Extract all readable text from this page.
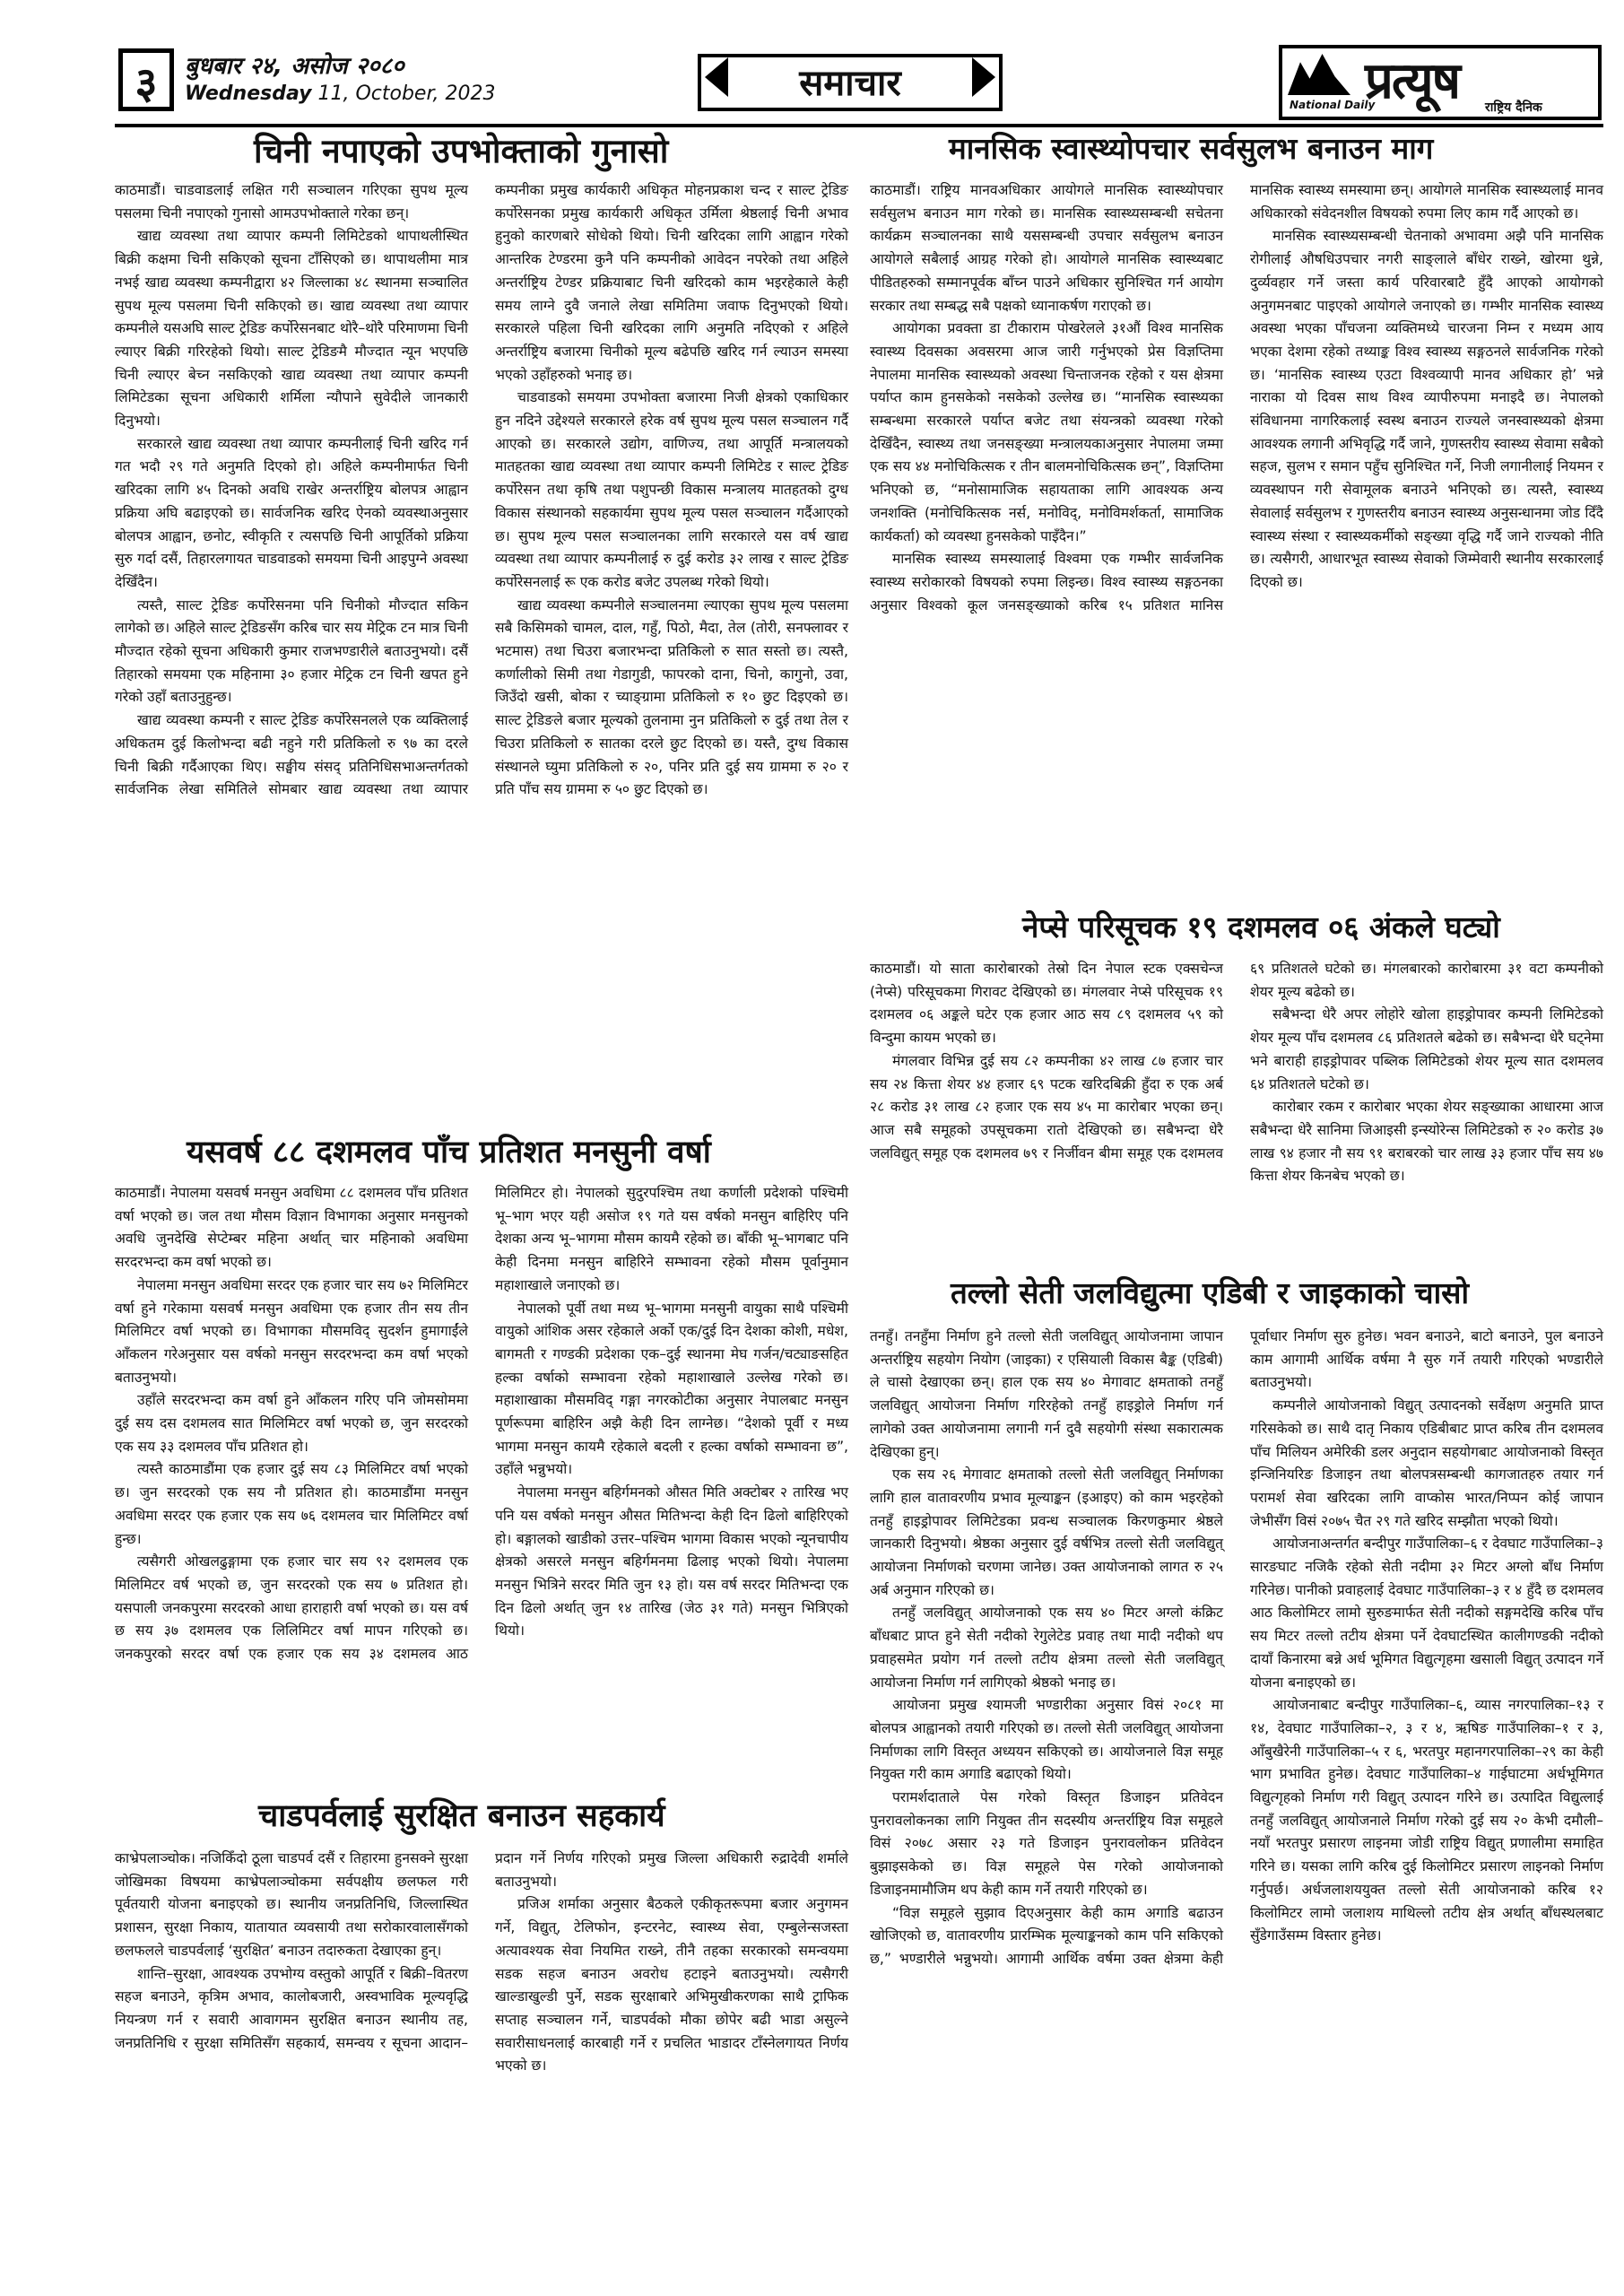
३	बुधबार २४, असोज २०८०
Wednesday 11, October, 2023	समाचार	प्रत्यूष
National Daily	राष्ट्रिय दैनिक
चिनी नपाएको उपभोक्ताको गुनासो

काठमाडौं। चाडवाडलाई लक्षित गरी सञ्चालन गरिएका सुपथ मूल्य पसलमा चिनी नपाएको गुनासो आमउपभोक्ताले गरेका छन्।

खाद्य व्यवस्था तथा व्यापार कम्पनी लिमिटेडको थापाथलीस्थित बिक्री कक्षमा चिनी सकिएको सूचना टाँसिएको छ। थापाथलीमा मात्र नभई खाद्य व्यवस्था कम्पनीद्वारा ४२ जिल्लाका ४८ स्थानमा सञ्चालित सुपथ मूल्य पसलमा चिनी सकिएको छ। खाद्य व्यवस्था तथा व्यापार कम्पनीले यसअघि साल्ट ट्रेडिङ कर्पोरेसनबाट थोरै–थोरै परिमाणमा चिनी ल्याएर बिक्री गरिरहेको थियो। साल्ट ट्रेडिङमै मौज्दात न्यून भएपछि चिनी ल्याएर बेच्न नसकिएको खाद्य व्यवस्था तथा व्यापार कम्पनी लिमिटेडका सूचना अधिकारी शर्मिला न्यौपाने सुवेदीले जानकारी दिनुभयो।

सरकारले खाद्य व्यवस्था तथा व्यापार कम्पनीलाई चिनी खरिद गर्न गत भदौ २९ गते अनुमति दिएको हो। अहिले कम्पनीमार्फत चिनी खरिदका लागि ४५ दिनको अवधि राखेर अन्तर्राष्ट्रिय बोलपत्र आह्वान प्रक्रिया अघि बढाइएको छ। सार्वजनिक खरिद ऐनको व्यवस्थाअनुसार बोलपत्र आह्वान, छनोट, स्वीकृति र त्यसपछि चिनी आपूर्तिको प्रक्रिया सुरु गर्दा दसैं, तिहारलगायत चाडवाडको समयमा चिनी आइपुग्ने अवस्था देखिँदैन।

त्यस्तै, साल्ट ट्रेडिङ कर्पोरेसनमा पनि चिनीको मौज्दात सकिन लागेको छ। अहिले साल्ट ट्रेडिङसँग करिब चार सय मेट्रिक टन मात्र चिनी मौज्दात रहेको सूचना अधिकारी कुमार राजभण्डारीले बताउनुभयो। दसैं तिहारको समयमा एक महिनामा ३० हजार मेट्रिक टन चिनी खपत हुने गरेको उहाँ बताउनुहुन्छ।

खाद्य व्यवस्था कम्पनी र साल्ट ट्रेडिङ कर्पोरेसनलले एक व्यक्तिलाई अधिकतम दुई किलोभन्दा बढी नहुने गरी प्रतिकिलो रु ९७ का दरले चिनी बिक्री गर्दैआएका थिए। सङ्घीय संसद् प्रतिनिधिसभाअन्तर्गतको सार्वजनिक लेखा समितिले सोमबार खाद्य व्यवस्था तथा व्यापार कम्पनीका प्रमुख कार्यकारी अधिकृत मोहनप्रकाश चन्द र साल्ट ट्रेडिङ कर्पोरेसनका प्रमुख कार्यकारी अधिकृत उर्मिला श्रेष्ठलाई चिनी अभाव हुनुको कारणबारे सोधेको थियो। चिनी खरिदका लागि आह्वान गरेको आन्तरिक टेण्डरमा कुनै पनि कम्पनीको आवेदन नपरेको तथा अहिले अन्तर्राष्ट्रिय टेण्डर प्रक्रियाबाट चिनी खरिदको काम भइरहेकाले केही समय लाग्ने दुवै जनाले लेखा समितिमा जवाफ दिनुभएको थियो। सरकारले पहिला चिनी खरिदका लागि अनुमति नदिएको र अहिले अन्तर्राष्ट्रिय बजारमा चिनीको मूल्य बढेपछि खरिद गर्न ल्याउन समस्या भएको उहाँहरुको भनाइ छ।

चाडवाडको समयमा उपभोक्ता बजारमा निजी क्षेत्रको एकाधिकार हुन नदिने उद्देश्यले सरकारले हरेक वर्ष सुपथ मूल्य पसल सञ्चालन गर्दै आएको छ। सरकारले उद्योग, वाणिज्य, तथा आपूर्ति मन्त्रालयको मातहतका खाद्य व्यवस्था तथा व्यापार कम्पनी लिमिटेड र साल्ट ट्रेडिङ कर्पोरेसन तथा कृषि तथा पशुपन्छी विकास मन्त्रालय मातहतको दुग्ध विकास संस्थानको सहकार्यमा सुपथ मूल्य पसल सञ्चालन गर्दैआएको छ। सुपथ मूल्य पसल सञ्चालनका लागि सरकारले यस वर्ष खाद्य व्यवस्था तथा व्यापार कम्पनीलाई रु दुई करोड ३२ लाख र साल्ट ट्रेडिङ कर्पोरेसनलाई रू एक करोड बजेट उपलब्ध गरेको थियो।

खाद्य व्यवस्था कम्पनीले सञ्चालनमा ल्याएका सुपथ मूल्य पसलमा सबै किसिमको चामल, दाल, गहुँ, पिठो, मैदा, तेल (तोरी, सनफ्लावर र भटमास) तथा चिउरा बजारभन्दा प्रतिकिलो रु सात सस्तो छ। त्यस्तै, कर्णालीको सिमी तथा गेडागुडी, फापरको दाना, चिनो, कागुनो, उवा, जिउँदो खसी, बोका र च्याङ्ग्रामा प्रतिकिलो रु १० छुट दिइएको छ। साल्ट ट्रेडिङले बजार मूल्यको तुलनामा नुन प्रतिकिलो रु दुई तथा तेल र चिउरा प्रतिकिलो रु सातका दरले छुट दिएको छ। यस्तै, दुग्ध विकास संस्थानले घ्युमा प्रतिकिलो रु २०, पनिर प्रति दुई सय ग्राममा रु २० र प्रति पाँच सय ग्राममा रु ५० छुट दिएको छ।

यसवर्ष ८८ दशमलव पाँच प्रतिशत मनसुनी वर्षा

काठमाडौं। नेपालमा यसवर्ष मनसुन अवधिमा ८८ दशमलव पाँच प्रतिशत वर्षा भएको छ। जल तथा मौसम विज्ञान विभागका अनुसार मनसुनको अवधि जुनदेखि सेप्टेम्बर महिना अर्थात् चार महिनाको अवधिमा सरदरभन्दा कम वर्षा भएको छ।

नेपालमा मनसुन अवधिमा सरदर एक हजार चार सय ७२ मिलिमिटर वर्षा हुने गरेकामा यसवर्ष मनसुन अवधिमा एक हजार तीन सय तीन मिलिमिटर वर्षा भएको छ। विभागका मौसमविद् सुदर्शन हुमागाईंले आँकलन गरेअनुसार यस वर्षको मनसुन सरदरभन्दा कम वर्षा भएको बताउनुभयो।

उहाँले सरदरभन्दा कम वर्षा हुने आँकलन गरिए पनि जोमसोममा दुई सय दस दशमलव सात मिलिमिटर वर्षा भएको छ, जुन सरदरको एक सय ३३ दशमलव पाँच प्रतिशत हो।

त्यस्तै काठमाडौंमा एक हजार दुई सय ८३ मिलिमिटर वर्षा भएको छ। जुन सरदरको एक सय नौ प्रतिशत हो। काठमाडौंमा मनसुन अवधिमा सरदर एक हजार एक सय ७६ दशमलव चार मिलिमिटर वर्षा हुन्छ।

त्यसैगरी ओखलढुङ्गामा एक हजार चार सय ९२ दशमलव एक मिलिमिटर वर्ष भएको छ, जुन सरदरको एक सय ७ प्रतिशत हो। यसपाली जनकपुरमा सरदरको आधा हाराहारी वर्षा भएको छ। यस वर्ष छ सय ३७ दशमलव एक लिलिमिटर वर्षा मापन गरिएको छ। जनकपुरको सरदर वर्षा एक हजार एक सय ३४ दशमलव आठ मिलिमिटर हो। नेपालको सुदुरपश्चिम तथा कर्णाली प्रदेशको पश्चिमी भू–भाग भएर यही असोज १९ गते यस वर्षको मनसुन बाहिरिए पनि देशका अन्य भू–भागमा मौसम कायमै रहेको छ। बाँकी भू–भागबाट पनि केही दिनमा मनसुन बाहिरिने सम्भावना रहेको मौसम पूर्वानुमान महाशाखाले जनाएको छ।

नेपालको पूर्वी तथा मध्य भू–भागमा मनसुनी वायुका साथै पश्चिमी वायुको आंशिक असर रहेकाले अर्को एक/दुई दिन देशका कोशी, मधेश, बागमती र गण्डकी प्रदेशका एक–दुई स्थानमा मेघ गर्जन/चट्याङसहित हल्का वर्षाको सम्भावना रहेको महाशाखाले उल्लेख गरेको छ।महाशाखाका मौसमविद् गङ्गा नगरकोटीका अनुसार नेपालबाट मनसुन पूर्णरूपमा बाहिरिन अझै केही दिन लाग्नेछ। “देशको पूर्वी र मध्य भागमा मनसुन कायमै रहेकाले बदली र हल्का वर्षाको सम्भावना छ”, उहाँले भन्नुभयो।

नेपालमा मनसुन बहिर्गमनको औसत मिति अक्टोबर २ तारिख भए पनि यस वर्षको मनसुन औसत मितिभन्दा केही दिन ढिलो बाहिरिएको हो। बङ्गालको खाडीको उत्तर–पश्चिम भागमा विकास भएको न्यूनचापीय क्षेत्रको असरले मनसुन बहिर्गमनमा ढिलाइ भएको थियो। नेपालमा मनसुन भित्रिने सरदर मिति जुन १३ हो। यस वर्ष सरदर मितिभन्दा एक दिन ढिलो अर्थात् जुन १४ तारिख (जेठ ३१ गते) मनसुन भित्रिएको थियो।

चाडपर्वलाई सुरक्षित बनाउन सहकार्य

काभ्रेपलाञ्चोक। नजिकिँदो ठूला चाडपर्व दसैं र तिहारमा हुनसक्ने सुरक्षा जोखिमका विषयमा काभ्रेपलाञ्चोकमा सर्वपक्षीय छलफल गरी पूर्वतयारी योजना बनाइएको छ। स्थानीय जनप्रतिनिधि, जिल्लास्थित प्रशासन, सुरक्षा निकाय, यातायात व्यवसायी तथा सरोकारवालासँगको छलफलले चाडपर्वलाई ‘सुरक्षित’ बनाउन तदारुकता देखाएका हुन्।

शान्ति–सुरक्षा, आवश्यक उपभोग्य वस्तुको आपूर्ति र बिक्री–वितरण सहज बनाउने, कृत्रिम अभाव, कालोबजारी, अस्वभाविक मूल्यवृद्धि नियन्त्रण गर्न र सवारी आवागमन सुरक्षित बनाउन स्थानीय तह, जनप्रतिनिधि र सुरक्षा समितिसँग सहकार्य, समन्वय र सूचना आदान–प्रदान गर्ने निर्णय गरिएको प्रमुख जिल्ला अधिकारी रुद्रादेवी शर्माले बताउनुभयो।

प्रजिअ शर्माका अनुसार बैठकले एकीकृतरूपमा बजार अनुगमन गर्ने, विद्युत्, टेलिफोन, इन्टरनेट, स्वास्थ्य सेवा, एम्बुलेन्सजस्ता अत्यावश्यक सेवा नियमित राख्ने, तीनै तहका सरकारको समन्वयमा सडक सहज बनाउन अवरोध हटाइने बताउनुभयो। त्यसैगरी खाल्डाखुल्डी पुर्ने, सडक सुरक्षाबारे अभिमुखीकरणका साथै ट्राफिक सप्ताह सञ्चालन गर्ने, चाडपर्वको मौका छोपेर बढी भाडा असुल्ने सवारीसाधनलाई कारबाही गर्ने र प्रचलित भाडादर टाँस्नेलगायत निर्णय भएको छ।

मानसिक स्वास्थ्योपचार सर्वसुलभ बनाउन माग

काठमाडौं। राष्ट्रिय मानवअधिकार आयोगले मानसिक स्वास्थ्योपचार सर्वसुलभ बनाउन माग गरेको छ। मानसिक स्वास्थ्यसम्बन्धी सचेतना कार्यक्रम सञ्चालनका साथै यससम्बन्धी उपचार सर्वसुलभ बनाउन आयोगले सबैलाई आग्रह गरेको हो। आयोगले मानसिक स्वास्थ्यबाट पीडितहरुको सम्मानपूर्वक बाँच्न पाउने अधिकार सुनिश्चित गर्न आयोग सरकार तथा सम्बद्ध सबै पक्षको ध्यानाकर्षण गराएको छ।

आयोगका प्रवक्ता डा टीकाराम पोखरेलले ३१औं विश्व मानसिक स्वास्थ्य दिवसका अवसरमा आज जारी गर्नुभएको प्रेस विज्ञप्तिमा नेपालमा मानसिक स्वास्थ्यको अवस्था चिन्ताजनक रहेको र यस क्षेत्रमा पर्याप्त काम हुनसकेको नसकेको उल्लेख छ। “मानसिक स्वास्थ्यका सम्बन्धमा सरकारले पर्याप्त बजेट तथा संयन्त्रको व्यवस्था गरेको देखिँदैन, स्वास्थ्य तथा जनसङ्ख्या मन्त्रालयकाअनुसार नेपालमा जम्मा एक सय ४४ मनोचिकित्सक र तीन बालमनोचिकित्सक छन्”, विज्ञप्तिमा भनिएको छ, “मनोसामाजिक सहायताका लागि आवश्यक अन्य जनशक्ति (मनोचिकित्सक नर्स, मनोविद्, मनोविमर्शकर्ता, सामाजिक कार्यकर्ता) को व्यवस्था हुनसकेको पाइँदैन।”

मानसिक स्वास्थ्य समस्यालाई विश्वमा एक गम्भीर सार्वजनिक स्वास्थ्य सरोकारको विषयको रुपमा लिइन्छ। विश्व स्वास्थ्य सङ्गठनका अनुसार विश्वको कूल जनसङ्ख्याको करिब १५ प्रतिशत मानिस मानसिक स्वास्थ्य समस्यामा छन्। आयोगले मानसिक स्वास्थ्यलाई मानव अधिकारको संवेदनशील विषयको रुपमा लिए काम गर्दै आएको छ।

मानसिक स्वास्थ्यसम्बन्धी चेतनाको अभावमा अझै पनि मानसिक रोगीलाई औषधिउपचार नगरी साङ्लाले बाँधेर राख्ने, खोरमा थुन्ने, दुर्व्यवहार गर्ने जस्ता कार्य परिवारबाटै हुँदै आएको आयोगको अनुगमनबाट पाइएको आयोगले जनाएको छ। गम्भीर मानसिक स्वास्थ्य अवस्था भएका पाँचजना व्यक्तिमध्ये चारजना निम्न र मध्यम आय भएका देशमा रहेको तथ्याङ्क विश्व स्वास्थ्य सङ्गठनले सार्वजनिक गरेको छ। ‘मानसिक स्वास्थ्य एउटा विश्वव्यापी मानव अधिकार हो’ भन्ने नाराका यो दिवस साथ विश्व व्यापीरुपमा मनाइदै छ। नेपालको संविधानमा नागरिकलाई स्वस्थ बनाउन राज्यले जनस्वास्थ्यको क्षेत्रमा आवश्यक लगानी अभिवृद्धि गर्दै जाने, गुणस्तरीय स्वास्थ्य सेवामा सबैको सहज, सुलभ र समान पहुँच सुनिश्चित गर्ने, निजी लगानीलाई नियमन र व्यवस्थापन गरी सेवामूलक बनाउने भनिएको छ। त्यस्तै, स्वास्थ्य सेवालाई सर्वसुलभ र गुणस्तरीय बनाउन स्वास्थ्य अनुसन्धानमा जोड दिँदै स्वास्थ्य संस्था र स्वास्थ्यकर्मीको सङ्ख्या वृद्धि गर्दै जाने राज्यको नीति छ। त्यसैगरी, आधारभूत स्वास्थ्य सेवाको जिम्मेवारी स्थानीय सरकारलाई दिएको छ।

नेप्से परिसूचक १९ दशमलव ०६ अंकले घट्यो

काठमाडौं। यो साता कारोबारको तेस्रो दिन नेपाल स्टक एक्सचेन्ज (नेप्से) परिसूचकमा गिरावट देखिएको छ। मंगलवार नेप्से परिसूचक १९ दशमलव ०६ अङ्कले घटेर एक हजार आठ सय ८९ दशमलव ५९ को विन्दुमा कायम भएको छ।

मंगलवार विभिन्न दुई सय ८२ कम्पनीका ४२ लाख ८७ हजार चार सय २४ कित्ता शेयर ४४ हजार ६९ पटक खरिदबिक्री हुँदा रु एक अर्ब २८ करोड ३१ लाख ८२ हजार एक सय ४५ मा कारोबार भएका छन्। आज सबै समूहको उपसूचकमा रातो देखिएको छ। सबैभन्दा धेरै जलविद्युत् समूह एक दशमलव ७९ र निर्जीवन बीमा समूह एक दशमलव ६९ प्रतिशतले घटेको छ। मंगलबारको कारोबारमा ३१ वटा कम्पनीको शेयर मूल्य बढेको छ।

सबैभन्दा धेरै अपर लोहोरे खोला हाइड्रोपावर कम्पनी लिमिटेडको शेयर मूल्य पाँच दशमलव ८६ प्रतिशतले बढेको छ। सबैभन्दा धेरै घट्नेमा भने बाराही हाइड्रोपावर पब्लिक लिमिटेडको शेयर मूल्य सात दशमलव ६४ प्रतिशतले घटेको छ।

कारोबार रकम र कारोबार भएका शेयर सङ्ख्याका आधारमा आज सबैभन्दा धेरै सानिमा जिआइसी इन्स्योरेन्स लिमिटेडको रु २० करोड ३७ लाख ९४ हजार नौ सय ९१ बराबरको चार लाख ३३ हजार पाँच सय ४७ कित्ता शेयर किनबेच भएको छ।

तल्लो सेती जलविद्युत्मा एडिबी र जाइकाको चासो

तनहुँ। तनहुँमा निर्माण हुने तल्लो सेती जलविद्युत् आयोजनामा जापान अन्तर्राष्ट्रिय सहयोग नियोग (जाइका) र एसियाली विकास बैङ्क (एडिबी) ले चासो देखाएका छन्। हाल एक सय ४० मेगावाट क्षमताको तनहुँ जलविद्युत् आयोजना निर्माण गरिरहेको तनहुँ हाइड्रोले निर्माण गर्न लागेको उक्त आयोजनामा लगानी गर्न दुवै सहयोगी संस्था सकारात्मक देखिएका हुन्।

एक सय २६ मेगावाट क्षमताको तल्लो सेती जलविद्युत् निर्माणका लागि हाल वातावरणीय प्रभाव मूल्याङ्कन (इआइए) को काम भइरहेको तनहुँ हाइड्रोपावर लिमिटेडका प्रवन्ध सञ्चालक किरणकुमार श्रेष्ठले जानकारी दिनुभयो। श्रेष्ठका अनुसार दुई वर्षभित्र तल्लो सेती जलविद्युत् आयोजना निर्माणको चरणमा जानेछ। उक्त आयोजनाको लागत रु २५ अर्ब अनुमान गरिएको छ।

तनहुँ जलविद्युत् आयोजनाको एक सय ४० मिटर अग्लो कंक्रिट बाँधबाट प्राप्त हुने सेती नदीको रेगुलेटेड प्रवाह तथा मादी नदीको थप प्रवाहसमेत प्रयोग गर्न तल्लो तटीय क्षेत्रमा तल्लो सेती जलविद्युत् आयोजना निर्माण गर्न लागिएको श्रेष्ठको भनाइ छ।

आयोजना प्रमुख श्यामजी भण्डारीका अनुसार विसं २०८१ मा बोलपत्र आह्वानको तयारी गरिएको छ। तल्लो सेती जलविद्युत् आयोजना निर्माणका लागि विस्तृत अध्ययन सकिएको छ। आयोजनाले विज्ञ समूह नियुक्त गरी काम अगाडि बढाएको थियो।

परामर्शदाताले पेस गरेको विस्तृत डिजाइन प्रतिवेदन पुनरावलोकनका लागि नियुक्त तीन सदस्यीय अन्तर्राष्ट्रिय विज्ञ समूहले विसं २०७८ असार २३ गते डिजाइन पुनरावलोकन प्रतिवेदन बुझाइसकेको छ। विज्ञ समूहले पेस गरेको आयोजनाको डिजाइनमामौजिम थप केही काम गर्ने तयारी गरिएको छ।

“विज्ञ समूहले सुझाव दिएअनुसार केही काम अगाडि बढाउन खोजिएको छ, वातावरणीय प्रारम्भिक मूल्याङ्कनको काम पनि सकिएको छ,” भण्डारीले भन्नुभयो। आगामी आर्थिक वर्षमा उक्त क्षेत्रमा केही पूर्वाधार निर्माण सुरु हुनेछ। भवन बनाउने, बाटो बनाउने, पुल बनाउने काम आगामी आर्थिक वर्षमा नै सुरु गर्ने तयारी गरिएको भण्डारीले बताउनुभयो।

कम्पनीले आयोजनाको विद्युत् उत्पादनको सर्वेक्षण अनुमति प्राप्त गरिसकेको छ। साथै दातृ निकाय एडिबीबाट प्राप्त करिब तीन दशमलव पाँच मिलियन अमेरिकी डलर अनुदान सहयोगबाट आयोजनाको विस्तृत इन्जिनियरिङ डिजाइन तथा बोलपत्रसम्बन्धी कागजातहरु तयार गर्न परामर्श सेवा खरिदका लागि वाप्कोस भारत/निप्पन कोई जापान जेभीसँग विसं २०७५ चैत २९ गते खरिद सम्झौता भएको थियो।

आयोजनाअन्तर्गत बन्दीपुर गाउँपालिका–६ र देवघाट गाउँपालिका–३ सारङघाट नजिकै रहेको सेती नदीमा ३२ मिटर अग्लो बाँध निर्माण गरिनेछ। पानीको प्रवाहलाई देवघाट गाउँपालिका–३ र ४ हुँदै छ दशमलव आठ किलोमिटर लामो सुरुङमार्फत सेती नदीको सङ्गमदेखि करिब पाँच सय मिटर तल्लो तटीय क्षेत्रमा पर्ने देवघाटस्थित कालीगण्डकी नदीको दायाँ किनारमा बन्ने अर्ध भूमिगत विद्युत्गृहमा खसाली विद्युत् उत्पादन गर्ने योजना बनाइएको छ।

आयोजनाबाट बन्दीपुर गाउँपालिका–६, व्यास नगरपालिका–१३ र १४, देवघाट गाउँपालिका–२, ३ र ४, ऋषिङ गाउँपालिका–१ र ३, आँबुखैरेनी गाउँपालिका–५ र ६, भरतपुर महानगरपालिका–२९ का केही भाग प्रभावित हुनेछ। देवघाट गाउँपालिका–४ गाईघाटमा अर्धभूमिगत विद्युत्गृहको निर्माण गरी विद्युत् उत्पादन गरिने छ। उत्पादित विद्युत्लाई तनहुँ जलविद्युत् आयोजनाले निर्माण गरेको दुई सय २० केभी दमौली–नयाँ भरतपुर प्रसारण लाइनमा जोडी राष्ट्रिय विद्युत् प्रणालीमा समाहित गरिने छ। यसका लागि करिब दुई किलोमिटर प्रसारण लाइनको निर्माण गर्नुपर्छ। अर्धजलाशययुक्त तल्लो सेती आयोजनाको करिब १२ किलोमिटर लामो जलाशय माथिल्लो तटीय क्षेत्र अर्थात् बाँधस्थलबाट सुँडेगाउँसम्म विस्तार हुनेछ।
